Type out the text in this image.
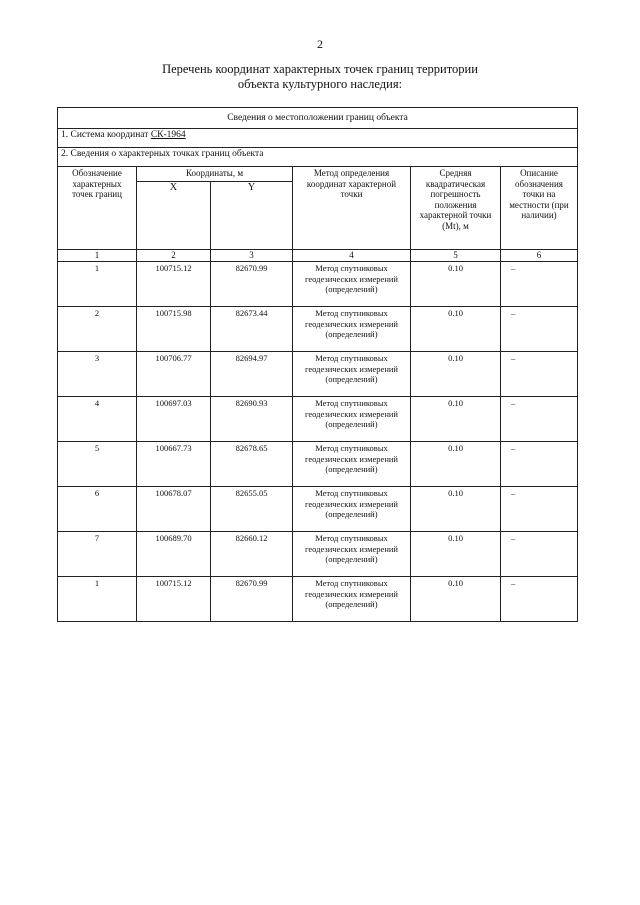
2
Перечень координат характерных точек границ территории
объекта культурного наследия:
Сведения о местоположении границ объекта					
1. Система координат СК-1964					
2. Сведения о характерных точках границ объекта					
Обозначение характерных точек границ	Координаты, м		Метод определения координат характерной точки	Средняя квадратическая погрешность положения характерной точки (Mt), м	Описание обозначения точки на местности (при наличии)
	X	Y			
1	2	3	4	5	6
1	100715.12	82670.99	Метод спутниковых геодезических измерений (определений)	0.10	–
2	100715.98	82673.44	Метод спутниковых геодезических измерений (определений)	0.10	–
3	100706.77	82694.97	Метод спутниковых геодезических измерений (определений)	0.10	–
4	100697.03	82690.93	Метод спутниковых геодезических измерений (определений)	0.10	–
5	100667.73	82678.65	Метод спутниковых геодезических измерений (определений)	0.10	–
6	100678.07	82655.05	Метод спутниковых геодезических измерений (определений)	0.10	–
7	100689.70	82660.12	Метод спутниковых геодезических измерений (определений)	0.10	–
1	100715.12	82670.99	Метод спутниковых геодезических измерений (определений)	0.10	–
